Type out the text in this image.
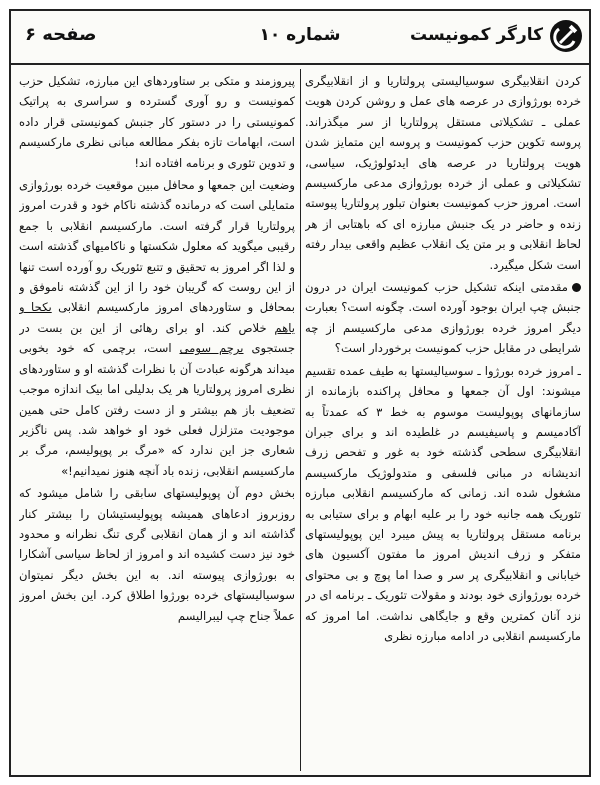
کارگر کمونیست
شماره ۱۰
صفحه ۶

کردن انقلابیگری سوسیالیستی پرولتاریا و از انقلابیگری خرده بورژوازی در عرصه های عمل و روشن کردن هویت عملی ـ تشکیلاتی مستقل پرولتاریا از سر میگذراند. پروسه تکوین حزب کمونیست و پروسه این متمایز شدن هویت پرولتاریا در عرصه های ایدئولوژیک، سیاسی، تشکیلاتی و عملی از خرده بورژوازی مدعی مارکسیسم است. امروز حزب کمونیست بعنوان تبلور پرولتاریا پیوسته زنده و حاضر در یک جنبش مبارزه ای که باهتابی از هر لحاظ انقلابی و بر متن یک انقلاب عظیم واقعی بیدار رفته است شکل میگیرد.

مقدمتی اینکه تشکیل حزب کمونیست ایران در درون جنبش چپ ایران بوجود آورده است. چگونه است؟ بعبارت دیگر امروز خرده بورژوازی مدعی مارکسیسم از چه شرایطی در مقابل حزب کمونیست برخوردار است؟

ـ امروز خرده بورژوا ـ سوسیالیستها به طیف عمده تقسیم میشوند: اول آن جمعها و محافل پراکنده بازمانده از سازمانهای پوپولیست موسوم به خط ۳ که عمدتاً به آکادمیسم و پاسیفیسم در غلطیده اند و برای جبران انقلابیگری سطحی گذشته خود به غور و تفحص زرف اندیشانه در مبانی فلسفی و متدولوژیک مارکسیسم مشغول شده اند. زمانی که مارکسیسم انقلابی مبارزه تئوریک همه جانبه خود را بر علیه ابهام و برای ستیابی به برنامه مستقل پرولتاریا به پیش میبرد این پوپولیستهای متفکر و زرف اندیش امروز ما مفتون آکسیون های خیابانی و انقلابیگری پر سر و صدا اما پوچ و بی محتوای خرده بورژوازی خود بودند و مقولات تئوریک ـ برنامه ای در نزد آنان کمترین وقع و جایگاهی نداشت. اما امروز که مارکسیسم انقلابی در ادامه مبارزه نظری

پیروزمند و متکی بر ستاوردهای این مبارزه، تشکیل حزب کمونیست و رو آوری گسترده و سراسری به پراتیک کمونیستی را در دستور کار جنبش کمونیستی قرار داده است، ابهامات تازه بفکر مطالعه مبانی نظری مارکسیسم و تدوین تئوری و برنامه افتاده اند!

وضعیت این جمعها و محافل مبین موقعیت خرده بورژوازی متمایلی است که درمانده گذشته ناکام خود و قدرت امروز پرولتاریا قرار گرفته است. مارکسیسم انقلابی با جمع رقیبی میگوید که معلول شکستها و ناکامیهای گذشته است و لذا اگر امروز به تحقیق و تتبع تئوریک رو آورده است تنها از این روست که گریبان خود را از این گذشته ناموفق و بمحافل و ستاوردهای امروز مارکسیسم انقلابی یکجا و یاهم خلاص کند. او برای رهائی از این بن بست در جستجوی برچم سومی است، برچمی که خود بخوبی میداند هرگونه عبادت آن با نظرات گذشته او و ستاوردهای نظری امروز پرولتاریا هر یک بدلیلی اما بیک اندازه موجب تضعیف باز هم بیشتر و از دست رفتن کامل حتی همین موجودیت متزلزل فعلی خود او خواهد شد. پس ناگزیر شعاری جز این ندارد که «مرگ بر پوپولیسم، مرگ بر مارکسیسم انقلابی، زنده باد آنچه هنوز نمیدانیم!»

بخش دوم آن پوپولیستهای سابقی را شامل میشود که روزبروز ادعاهای همیشه پوپولیستیشان را بیشتر کنار گذاشته اند و از همان انقلابی گری تنگ نظرانه و محدود خود نیز دست کشیده اند و امروز از لحاظ سیاسی آشکارا به بورژوازی پیوسته اند. به این بخش دیگر نمیتوان سوسیالیستهای خرده بورژوا اطلاق کرد. این بخش امروز عملاً جناح چپ لیبرالیسم
